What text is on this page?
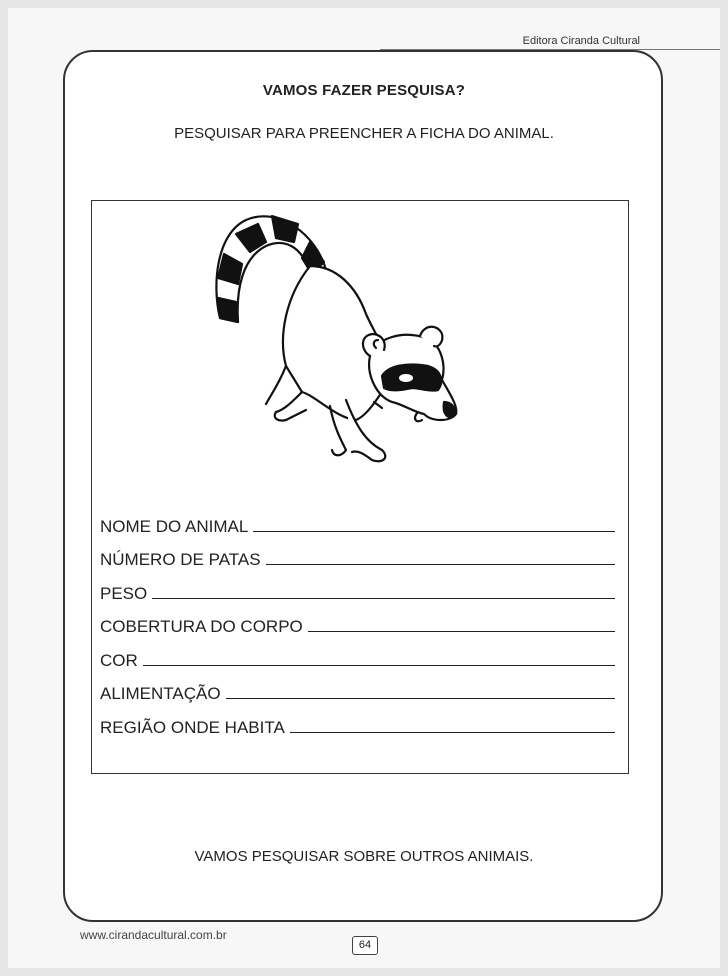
Editora Ciranda Cultural
VAMOS FAZER PESQUISA?
PESQUISAR PARA PREENCHER A FICHA DO ANIMAL.
NOME DO ANIMAL
NÚMERO DE PATAS
PESO
COBERTURA DO CORPO
COR
ALIMENTAÇÃO
REGIÃO ONDE HABITA
VAMOS PESQUISAR SOBRE OUTROS ANIMAIS.
www.cirandacultural.com.br
64
